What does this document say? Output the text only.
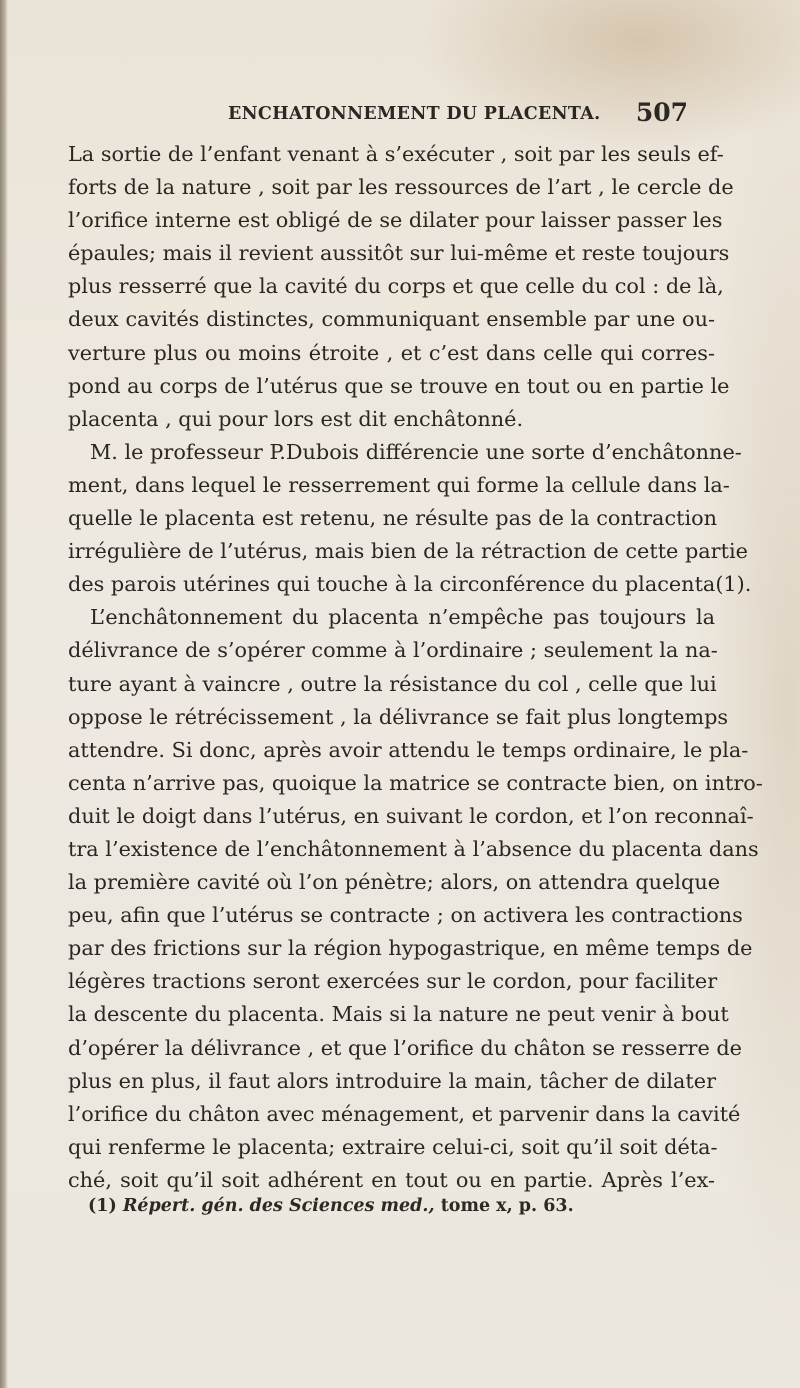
ENCHATONNEMENT DU PLACENTA. 507
La sortie de l’enfant venant à s’exécuter , soit par les seuls ef-
forts de la nature , soit par les ressources de l’art , le cercle de
l’orifice interne est obligé de se dilater pour laisser passer les
épaules; mais il revient aussitôt sur lui-même et reste toujours
plus resserré que la cavité du corps et que celle du col : de là,
deux cavités distinctes, communiquant ensemble par une ou-
verture plus ou moins étroite , et c’est dans celle qui corres-
pond au corps de l’utérus que se trouve en tout ou en partie le
placenta , qui pour lors est dit enchâtonné.
M. le professeur P.Dubois différencie une sorte d’enchâtonne-
ment, dans lequel le resserrement qui forme la cellule dans la-
quelle le placenta est retenu, ne résulte pas de la contraction
irrégulière de l’utérus, mais bien de la rétraction de cette partie
des parois utérines qui touche à la circonférence du placenta(1).
L’enchâtonnement du placenta n’empêche pas toujours la
délivrance de s’opérer comme à l’ordinaire ; seulement la na-
ture ayant à vaincre , outre la résistance du col , celle que lui
oppose le rétrécissement , la délivrance se fait plus longtemps
attendre. Si donc, après avoir attendu le temps ordinaire, le pla-
centa n’arrive pas, quoique la matrice se contracte bien, on intro-
duit le doigt dans l’utérus, en suivant le cordon, et l’on reconnaî-
tra l’existence de l’enchâtonnement à l’absence du placenta dans
la première cavité où l’on pénètre; alors, on attendra quelque
peu, afin que l’utérus se contracte ; on activera les contractions
par des frictions sur la région hypogastrique, en même temps de
légères tractions seront exercées sur le cordon, pour faciliter
la descente du placenta. Mais si la nature ne peut venir à bout
d’opérer la délivrance , et que l’orifice du châton se resserre de
plus en plus, il faut alors introduire la main, tâcher de dilater
l’orifice du châton avec ménagement, et parvenir dans la cavité
qui renferme le placenta; extraire celui-ci, soit qu’il soit déta-
ché, soit qu’il soit adhérent en tout ou en partie. Après l’ex-
(1) Répert. gén. des Sciences med., tome x, p. 63.
